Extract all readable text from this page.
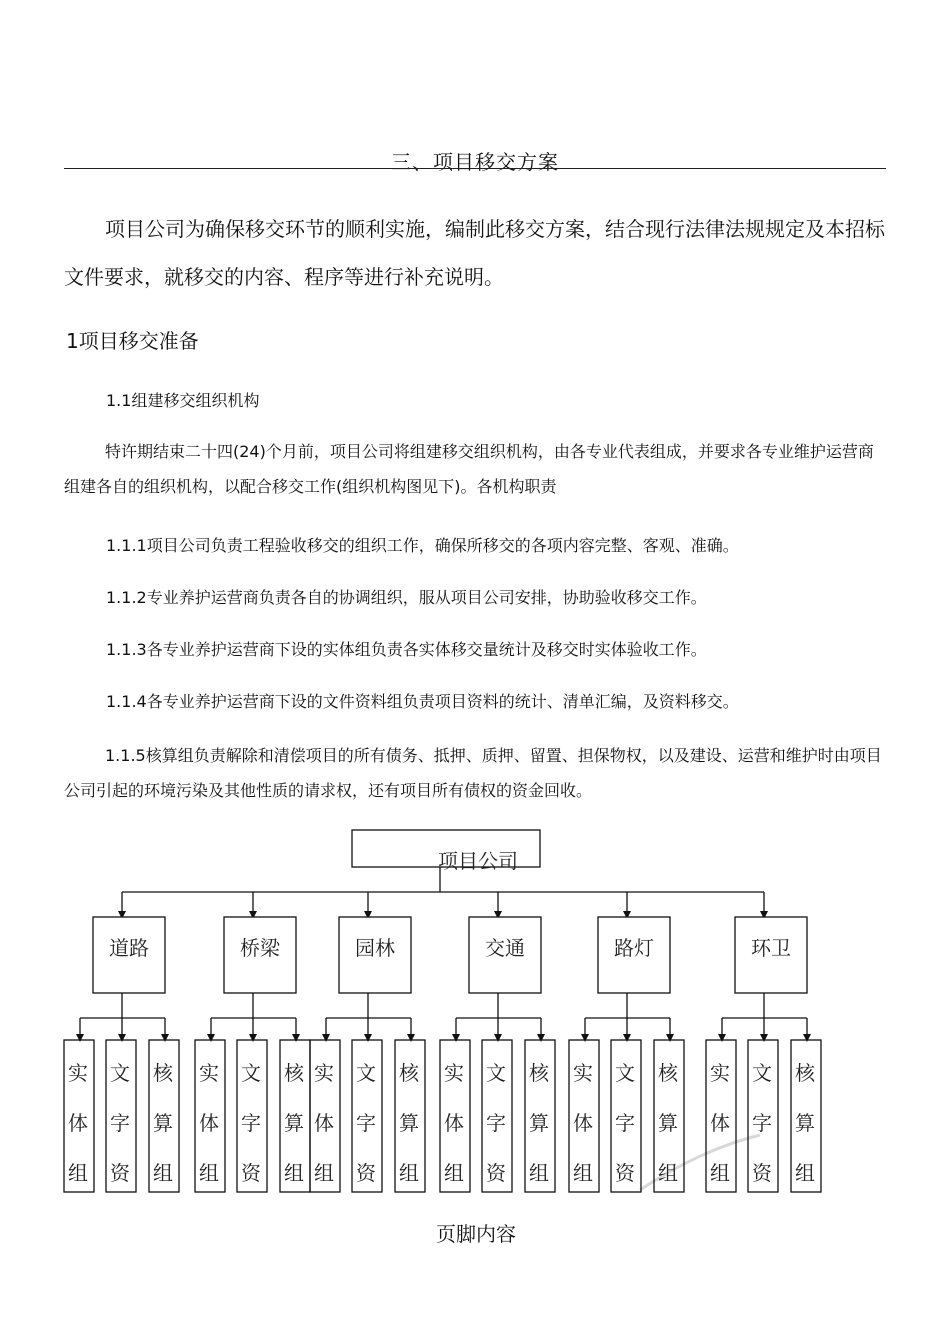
三、项目移交方案
项目公司为确保移交环节的顺利实施，编制此移交方案，结合现行法律法规规定及本招标文件要求，就移交的内容、程序等进行补充说明。
1项目移交准备
1.1组建移交组织机构
特许期结束二十四(24)个月前，项目公司将组建移交组织机构，由各专业代表组成，并要求各专业维护运营商组建各自的组织机构，以配合移交工作(组织机构图见下)。各机构职责
1.1.1项目公司负责工程验收移交的组织工作，确保所移交的各项内容完整、客观、准确。
1.1.2专业养护运营商负责各自的协调组织，服从项目公司安排，协助验收移交工作。
1.1.3各专业养护运营商下设的实体组负责各实体移交量统计及移交时实体验收工作。
1.1.4各专业养护运营商下设的文件资料组负责项目资料的统计、清单汇编，及资料移交。
1.1.5核算组负责解除和清偿项目的所有债务、抵押、质押、留置、担保物权，以及建设、运营和维护时由项目公司引起的环境污染及其他性质的请求权，还有项目所有债权的资金回收。
项目公司
道路
实
体
组
文
字
资
核
算
组
桥梁
实
体
组
文
字
资
核
算
组
园林
实
体
组
文
字
资
核
算
组
交通
实
体
组
文
字
资
核
算
组
路灯
实
体
组
文
字
资
核
算
组
环卫
实
体
组
文
字
资
核
算
组
页脚内容
